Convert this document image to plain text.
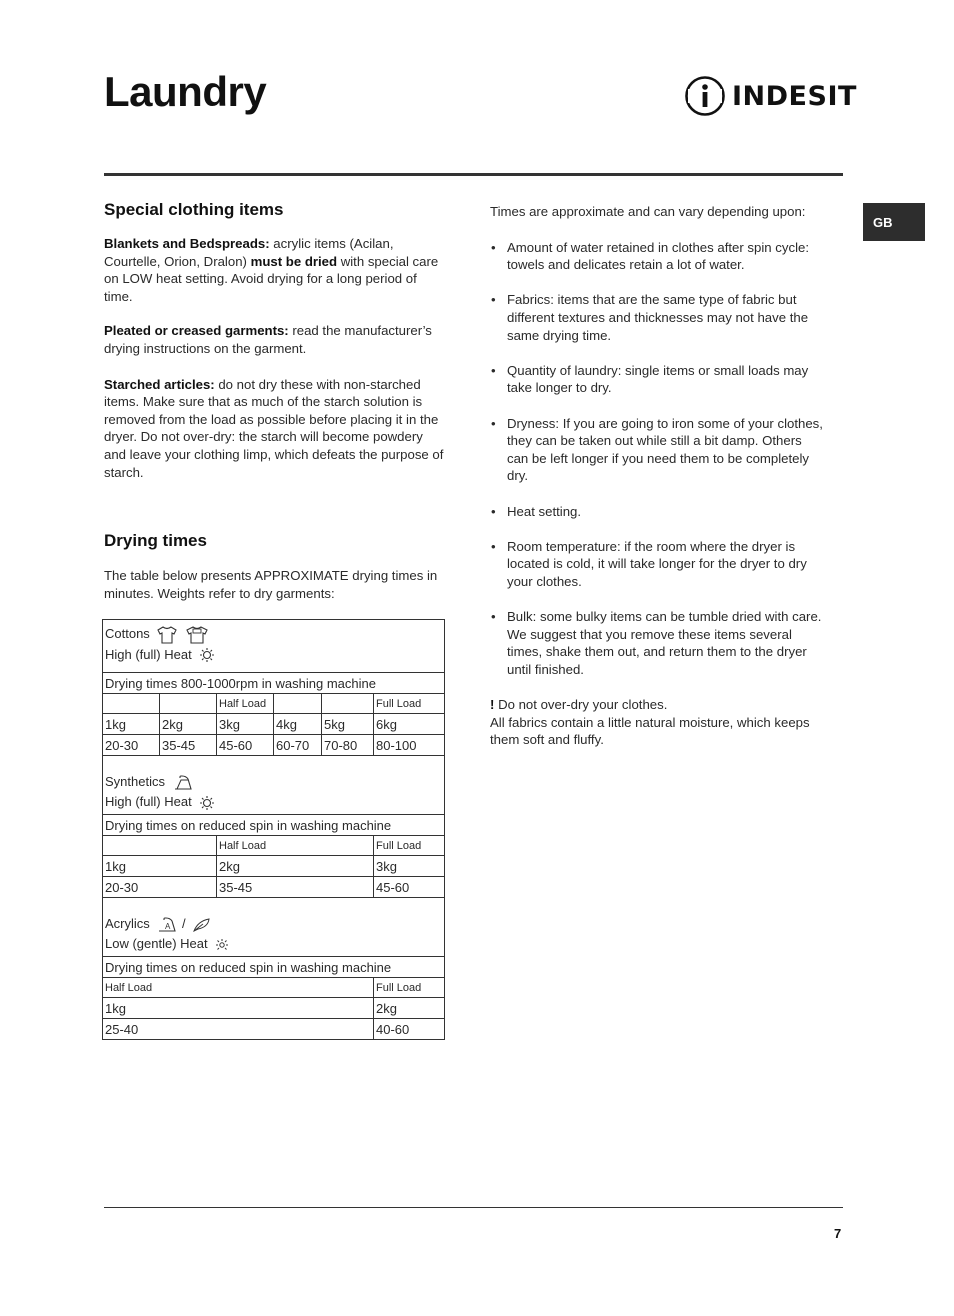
Laundry	INDESIT
GB
Special clothing items

Blankets and Bedspreads: acrylic items (Acilan, Courtelle, Orion, Dralon) must be dried with special care on LOW heat setting. Avoid drying for a long period of time.

Pleated or creased garments: read the manufacturer’s drying instructions on the garment.

Starched articles: do not dry these with non-starched items. Make sure that as much of the starch solution is removed from the load as possible before placing it in the dryer. Do not over-dry: the starch will become powdery and leave your clothing limp, which defeats the purpose of starch.

Drying times

The table below presents APPROXIMATE drying times in minutes. Weights refer to dry garments:

Cottons
High (full) Heat					
Drying times 800-1000rpm in washing machine					
		Half Load			Full Load
1kg	2kg	3kg	4kg	5kg	6kg
20-30	35-45	45-60	60-70	70-80	80-100
Synthetics
High (full) Heat					
Drying times on reduced spin in washing machine					
		Half Load			Full Load
1kg		2kg			3kg
20-30		35-45			45-60
Acrylics A /
Low (gentle) Heat					
Drying times on reduced spin in washing machine					
Half Load					Full Load
1kg					2kg
25-40					40-60

Times are approximate and can vary depending upon:

• Amount of water retained in clothes after spin cycle: towels and delicates retain a lot of water.
• Fabrics: items that are the same type of fabric but different textures and thicknesses may not have the same drying time.
• Quantity of laundry: single items or small loads may take longer to dry.
• Dryness: If you are going to iron some of your clothes, they can be taken out while still a bit damp. Others can be left longer if you need them to be completely dry.
• Heat setting.
• Room temperature: if the room where the dryer is located is cold, it will take longer for the dryer to dry your clothes.
• Bulk: some bulky items can be tumble dried with care. We suggest that you remove these items several times, shake them out, and return them to the dryer until finished.

! Do not over-dry your clothes.
All fabrics contain a little natural moisture, which keeps them soft and fluffy.

7
